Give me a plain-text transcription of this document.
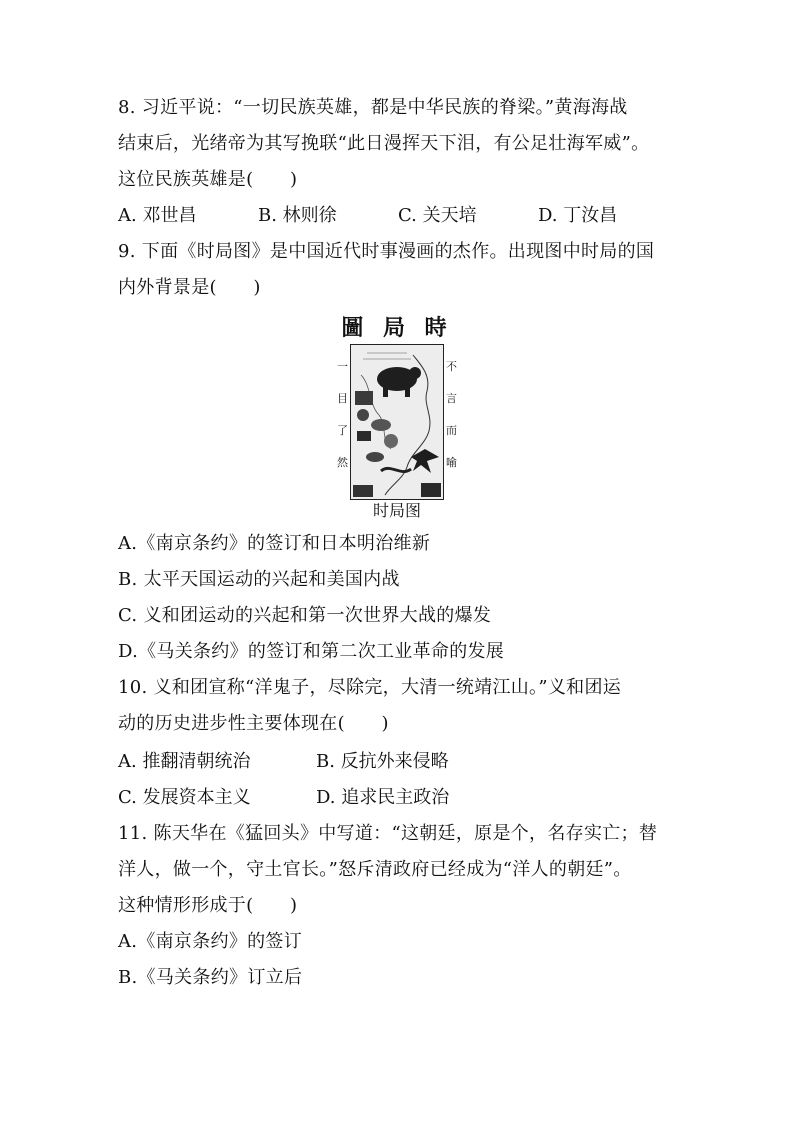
8. 习近平说：“一切民族英雄，都是中华民族的脊梁。”黄海海战
结束后，光绪帝为其写挽联“此日漫挥天下泪，有公足壮海军威”。
这位民族英雄是(　　)
A. 邓世昌	B. 林则徐	C. 关天培	D. 丁汝昌
9. 下面《时局图》是中国近代时事漫画的杰作。出现图中时局的国
内外背景是(　　)
圖 局 時
一
目
了
然
不
言
而
喻
时局图
A.《南京条约》的签订和日本明治维新
B. 太平天国运动的兴起和美国内战
C. 义和团运动的兴起和第一次世界大战的爆发
D.《马关条约》的签订和第二次工业革命的发展
10. 义和团宣称“洋鬼子，尽除完，大清一统靖江山。”义和团运
动的历史进步性主要体现在(　　)
A. 推翻清朝统治	B. 反抗外来侵略
C. 发展资本主义	D. 追求民主政治
11. 陈天华在《猛回头》中写道：“这朝廷，原是个，名存实亡；替
洋人，做一个，守土官长。”怒斥清政府已经成为“洋人的朝廷”。
这种情形形成于(　　)
A.《南京条约》的签订
B.《马关条约》订立后
